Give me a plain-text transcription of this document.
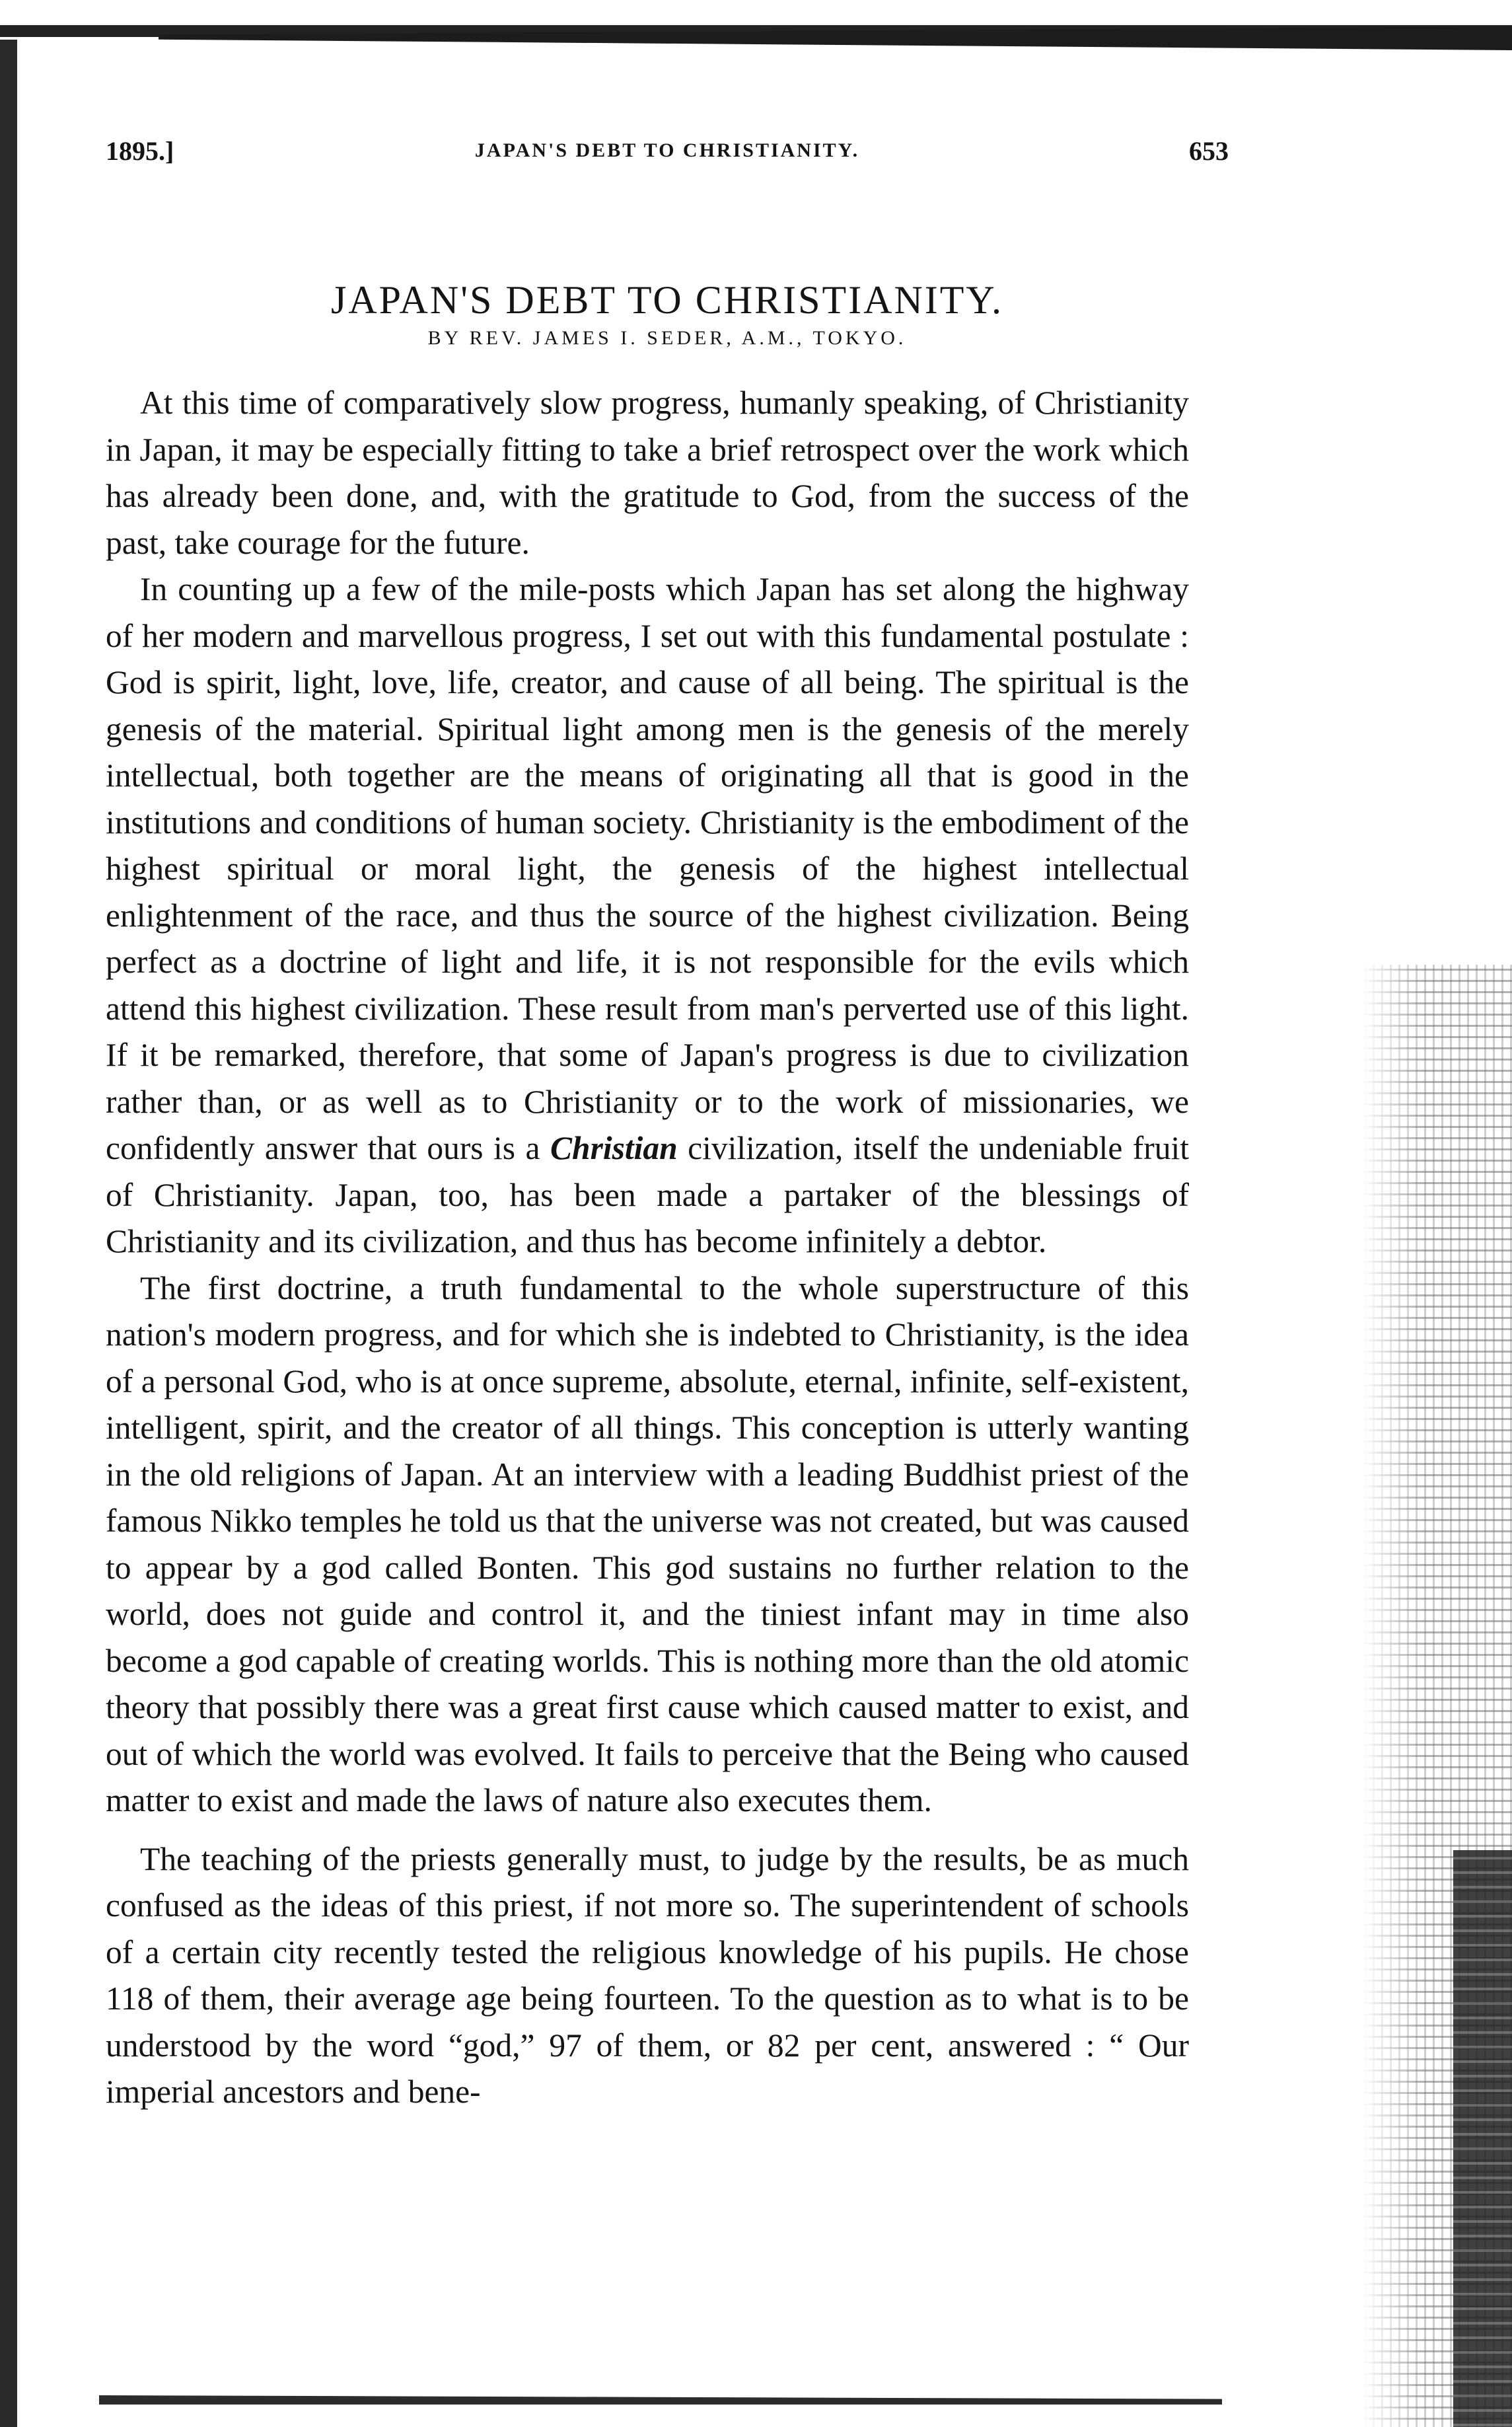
1895.]	JAPAN'S DEBT TO CHRISTIANITY.	653
JAPAN'S DEBT TO CHRISTIANITY.
BY REV. JAMES I. SEDER, A.M., TOKYO.

At this time of comparatively slow progress, humanly speaking, of Christianity in Japan, it may be especially fitting to take a brief retrospect over the work which has already been done, and, with the gratitude to God, from the success of the past, take courage for the future.

In counting up a few of the mile-posts which Japan has set along the highway of her modern and marvellous progress, I set out with this fundamental postulate : God is spirit, light, love, life, creator, and cause of all being. The spiritual is the genesis of the material. Spiritual light among men is the genesis of the merely intellectual, both together are the means of originating all that is good in the institutions and conditions of human society. Christianity is the embodiment of the highest spiritual or moral light, the genesis of the highest intellectual enlightenment of the race, and thus the source of the highest civilization. Being perfect as a doctrine of light and life, it is not responsible for the evils which attend this highest civilization. These result from man's perverted use of this light. If it be remarked, therefore, that some of Japan's progress is due to civilization rather than, or as well as to Christianity or to the work of missionaries, we confidently answer that ours is a Christian civilization, itself the undeniable fruit of Christianity. Japan, too, has been made a partaker of the blessings of Christianity and its civilization, and thus has become infinitely a debtor.

The first doctrine, a truth fundamental to the whole superstructure of this nation's modern progress, and for which she is indebted to Christianity, is the idea of a personal God, who is at once supreme, absolute, eternal, infinite, self-existent, intelligent, spirit, and the creator of all things. This conception is utterly wanting in the old religions of Japan. At an interview with a leading Buddhist priest of the famous Nikko temples he told us that the universe was not created, but was caused to appear by a god called Bonten. This god sustains no further relation to the world, does not guide and control it, and the tiniest infant may in time also become a god capable of creating worlds. This is nothing more than the old atomic theory that possibly there was a great first cause which caused matter to exist, and out of which the world was evolved. It fails to perceive that the Being who caused matter to exist and made the laws of nature also executes them.

The teaching of the priests generally must, to judge by the results, be as much confused as the ideas of this priest, if not more so. The superintendent of schools of a certain city recently tested the religious knowledge of his pupils. He chose 118 of them, their average age being fourteen. To the question as to what is to be understood by the word “god,” 97 of them, or 82 per cent, answered : “ Our imperial ancestors and bene-
